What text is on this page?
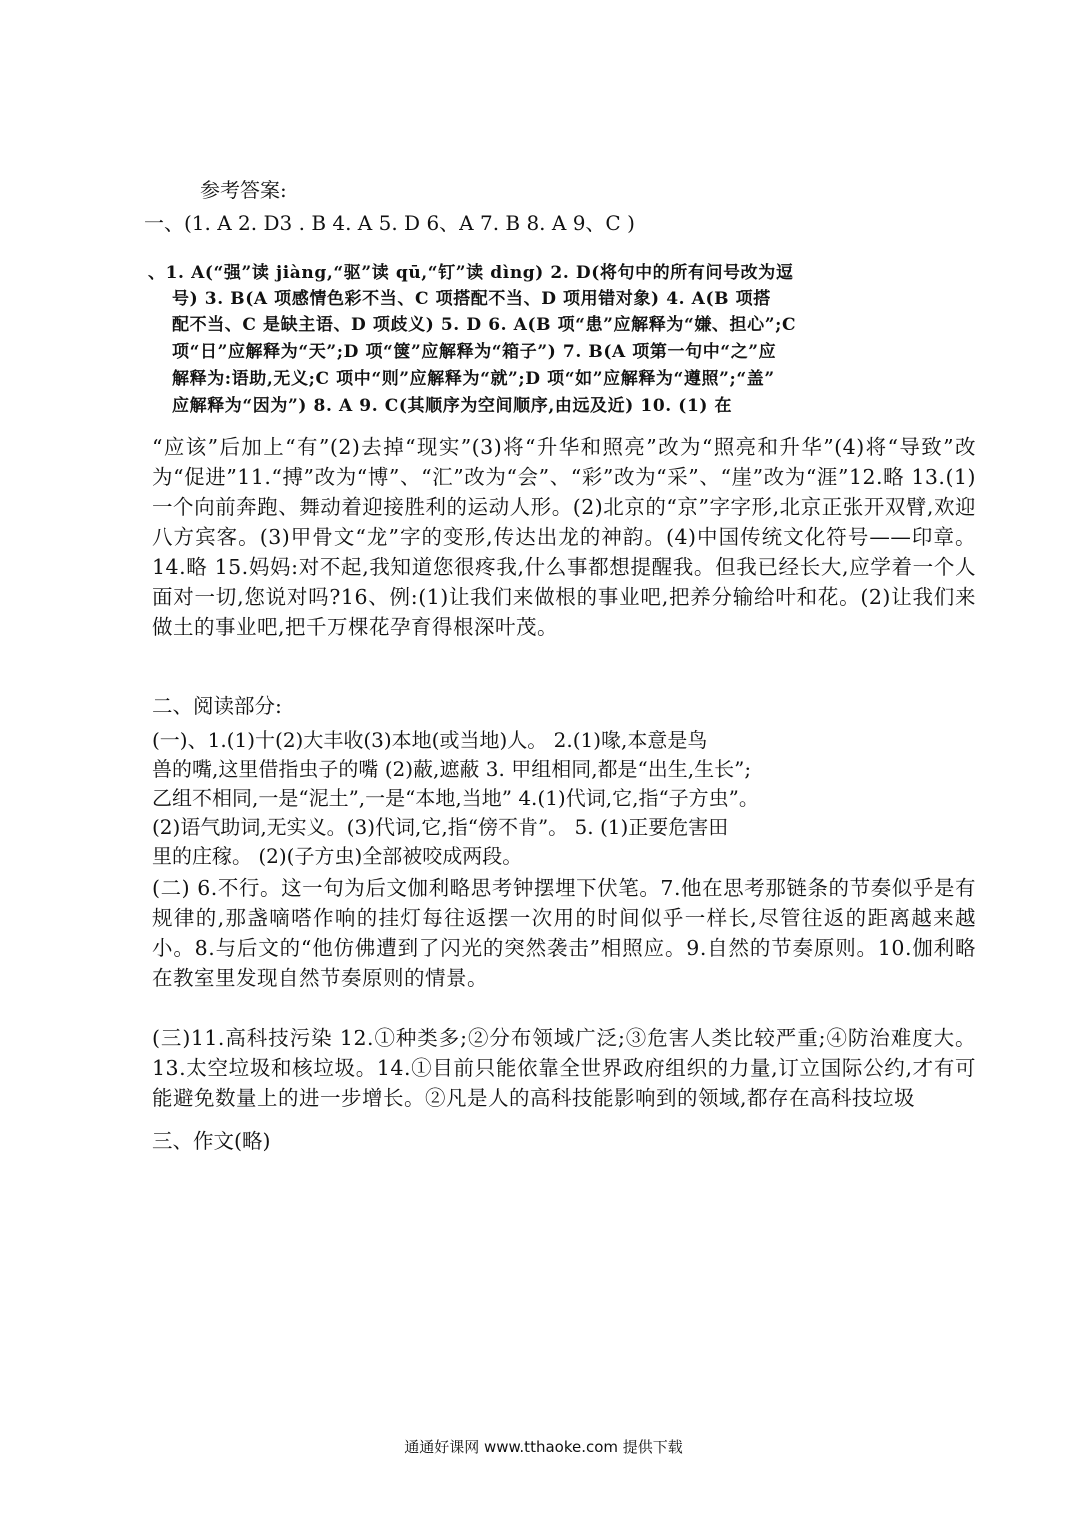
参考答案:
一、(1. A 2. D3 . B 4. A 5. D 6、A 7. B 8. A 9、C )
、1. A(“强”读 jiàng,“驱”读 qū,“钉”读 dìng) 2. D(将句中的所有问号改为逗
号) 3. B(A 项感情色彩不当、C 项搭配不当、D 项用错对象) 4. A(B 项搭
配不当、C 是缺主语、D 项歧义) 5. D 6. A(B 项“患”应解释为“嫌、担心”;C
项“日”应解释为“天”;D 项“箧”应解释为“箱子”) 7. B(A 项第一句中“之”应
解释为:语助,无义;C 项中“则”应解释为“就”;D 项“如”应解释为“遵照”;“盖”
应解释为“因为”) 8. A 9. C(其顺序为空间顺序,由远及近) 10. (1) 在
“应该”后加上“有”(2)去掉“现实”(3)将“升华和照亮”改为“照亮和升华”(4)将“导致”改为“促进”11.“搏”改为“博”、“汇”改为“会”、“彩”改为“采”、“崖”改为“涯”12.略 13.(1)一个向前奔跑、舞动着迎接胜利的运动人形。(2)北京的“京”字字形,北京正张开双臂,欢迎八方宾客。(3)甲骨文“龙”字的变形,传达出龙的神韵。(4)中国传统文化符号——印章。14.略 15.妈妈:对不起,我知道您很疼我,什么事都想提醒我。但我已经长大,应学着一个人面对一切,您说对吗?16、例:(1)让我们来做根的事业吧,把养分输给叶和花。(2)让我们来做土的事业吧,把千万棵花孕育得根深叶茂。
二、阅读部分:
(一)、1.(1)十(2)大丰收(3)本地(或当地)人。 2.(1)喙,本意是鸟
兽的嘴,这里借指虫子的嘴 (2)蔽,遮蔽 3. 甲组相同,都是“出生,生长”;
乙组不相同,一是“泥土”,一是“本地,当地” 4.(1)代词,它,指“子方虫”。
(2)语气助词,无实义。(3)代词,它,指“傍不肯”。 5. (1)正要危害田
里的庄稼。 (2)(子方虫)全部被咬成两段。
(二) 6.不行。这一句为后文伽利略思考钟摆埋下伏笔。7.他在思考那链条的节奏似乎是有规律的,那盏嘀嗒作响的挂灯每往返摆一次用的时间似乎一样长,尽管往返的距离越来越小。8.与后文的“他仿佛遭到了闪光的突然袭击”相照应。9.自然的节奏原则。10.伽利略在教室里发现自然节奏原则的情景。
(三)11.高科技污染 12.①种类多;②分布领域广泛;③危害人类比较严重;④防治难度大。13.太空垃圾和核垃圾。14.①目前只能依靠全世界政府组织的力量,订立国际公约,才有可能避免数量上的进一步增长。②凡是人的高科技能影响到的领域,都存在高科技垃圾
三、作文(略)
通通好课网 www.tthaoke.com 提供下载
